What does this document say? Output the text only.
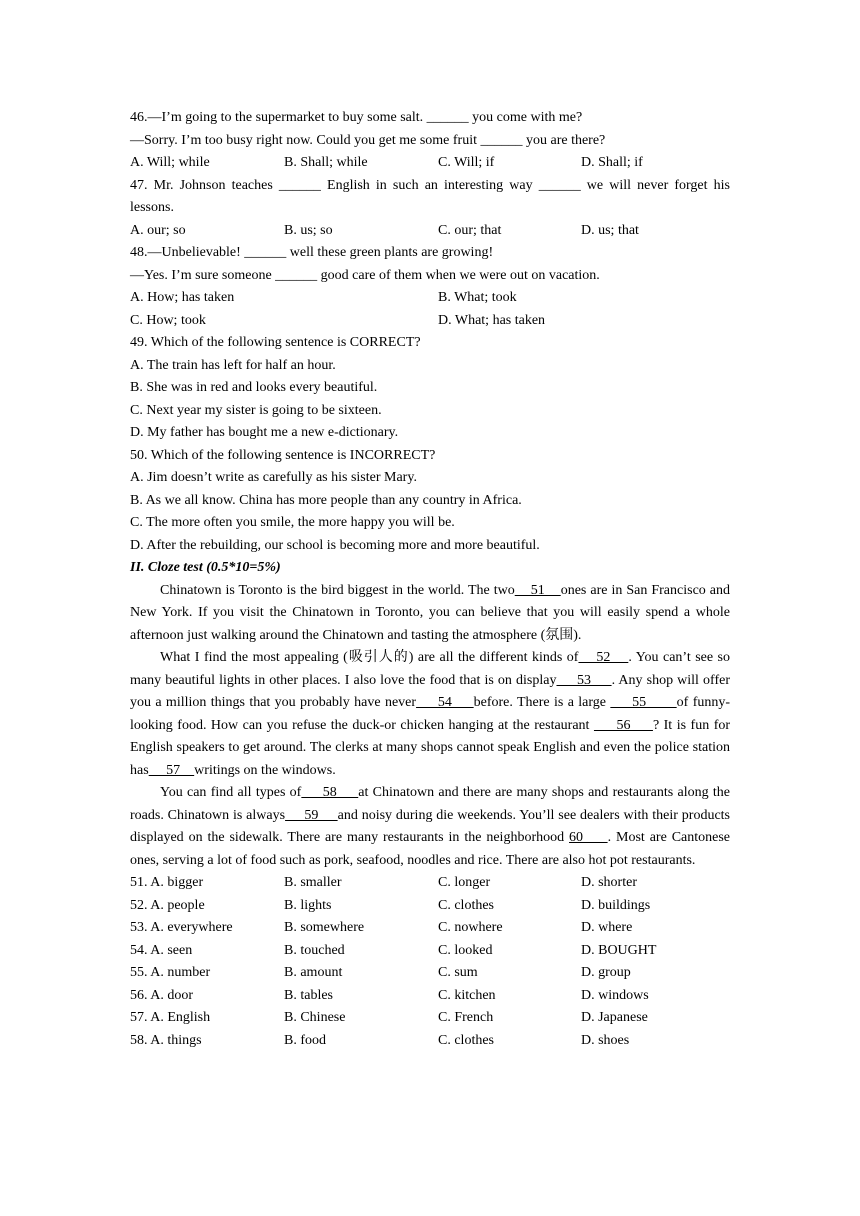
46.—I’m going to the supermarket to buy some salt. ______ you come with me?
—Sorry. I’m too busy right now. Could you get me some fruit ______ you are there?
A. Will; while	B. Shall; while	C. Will; if	D. Shall; if
47. Mr. Johnson teaches ______ English in such an interesting way ______ we will never forget his lessons.
A. our; so	B. us; so	C. our; that	D. us; that
48.—Unbelievable! ______ well these green plants are growing!
—Yes. I’m sure someone ______ good care of them when we were out on vacation.
A. How; has taken	B. What; took
C. How; took	D. What; has taken
49. Which of the following sentence is CORRECT?
A. The train has left for half an hour.
B. She was in red and looks every beautiful.
C. Next year my sister is going to be sixteen.
D. My father has bought me a new e-dictionary.
50. Which of the following sentence is INCORRECT?
A. Jim doesn’t write as carefully as his sister Mary.
B. As we all know. China has more people than any country in Africa.
C. The more often you smile, the more happy you will be.
D. After the rebuilding, our school is becoming more and more beautiful.
II. Cloze test (0.5*10=5%)
Chinatown is Toronto is the bird biggest in the world. The two    51    ones are in San Francisco and New York. If you visit the Chinatown in Toronto, you can believe that you will easily spend a whole afternoon just walking around the Chinatown and tasting the atmosphere (氛围).
What I find the most appealing (吸引人的) are all the different kinds of    52    . You can’t see so many beautiful lights in other places. I also love the food that is on display     53     . Any shop will offer you a million things that you probably have never     54     before. There is a large      55       of funny-looking food. How can you refuse the duck-or chicken hanging at the restaurant      56     ? It is fun for English speakers to get around. The clerks at many shops cannot speak English and even the police station has     57    writings on the windows.
You can find all types of     58     at Chinatown and there are many shops and restaurants along the roads. Chinatown is always     59     and noisy during die weekends. You’ll see dealers with their products displayed on the sidewalk. There are many restaurants in the neighborhood 60     . Most are Cantonese ones, serving a lot of food such as pork, seafood, noodles and rice. There are also hot pot restaurants.
51. A. bigger	B. smaller	C. longer	D. shorter
52. A. people	B. lights	C. clothes	D. buildings
53. A. everywhere	B. somewhere	C. nowhere	D. where
54. A. seen	B. touched	C. looked	D. BOUGHT
55. A. number	B. amount	C. sum	D. group
56. A. door	B. tables	C. kitchen	D. windows
57. A. English	B. Chinese	C. French	D. Japanese
58. A. things	B. food	C. clothes	D. shoes
